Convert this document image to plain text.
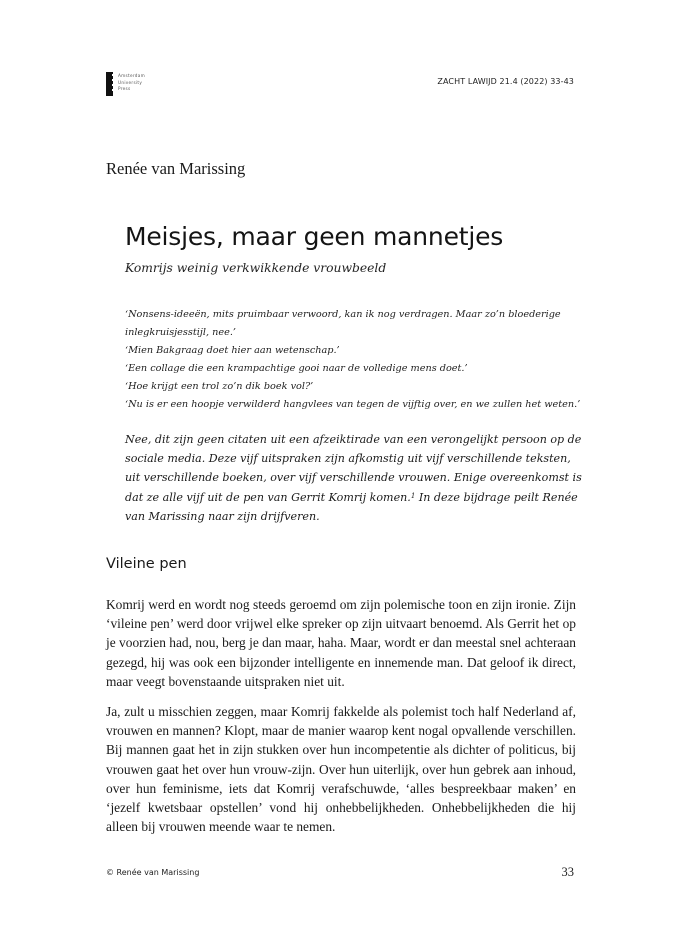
Amsterdam
University
Press
ZACHT LAWIJD 21.4 (2022) 33-43
Renée van Marissing
Meisjes, maar geen mannetjes
Komrijs weinig verkwikkende vrouwbeeld
‘Nonsens-ideeën, mits pruimbaar verwoord, kan ik nog verdragen. Maar zo’n bloederige inlegkruisjesstijl, nee.’
‘Mien Bakgraag doet hier aan wetenschap.’
‘Een collage die een krampachtige gooi naar de volledige mens doet.’
‘Hoe krijgt een trol zo’n dik boek vol?’
‘Nu is er een hoopje verwilderd hangvlees van tegen de vijftig over, en we zullen het weten.’

Nee, dit zijn geen citaten uit een afzeiktirade van een verongelijkt persoon op de sociale media. Deze vijf uitspraken zijn afkomstig uit vijf verschillende teksten, uit verschillende boeken, over vijf verschillende vrouwen. Enige overeenkomst is dat ze alle vijf uit de pen van Gerrit Komrij komen.$^1$ In deze bijdrage peilt Renée van Marissing naar zijn drijfveren.

Vileine pen

Komrij werd en wordt nog steeds geroemd om zijn polemische toon en zijn ironie. Zijn ‘vileine pen’ werd door vrijwel elke spreker op zijn uitvaart benoemd. Als Gerrit het op je voorzien had, nou, berg je dan maar, haha. Maar, wordt er dan meestal snel achteraan gezegd, hij was ook een bijzonder intelligente en innemende man. Dat geloof ik direct, maar veegt bovenstaande uitspraken niet uit.

Ja, zult u misschien zeggen, maar Komrij fakkelde als polemist toch half Nederland af, vrouwen en mannen? Klopt, maar de manier waarop kent nogal opvallende verschillen. Bij mannen gaat het in zijn stukken over hun incompetentie als dichter of politicus, bij vrouwen gaat het over hun vrouw-zijn. Over hun uiterlijk, over hun gebrek aan inhoud, over hun feminisme, iets dat Komrij verafschuwde, ‘alles bespreekbaar maken’ en ‘jezelf kwetsbaar opstellen’ vond hij onhebbelijkheden. Onhebbelijkheden die hij alleen bij vrouwen meende waar te nemen.

© Renée van Marissing	33
